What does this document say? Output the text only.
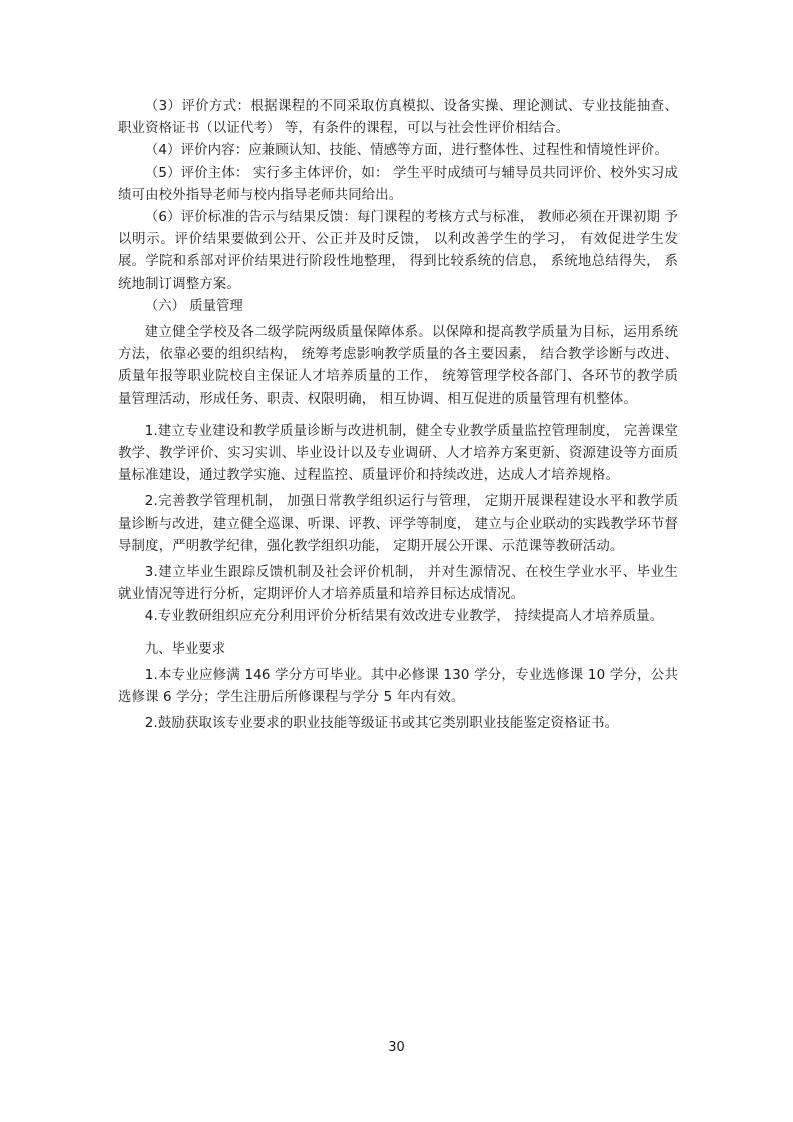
（3）评价方式：根据课程的不同采取仿真模拟、设备实操、理论测试、专业技能抽查、职业资格证书（以证代考） 等，有条件的课程，可以与社会性评价相结合。

（4）评价内容：应兼顾认知、技能、情感等方面，进行整体性、过程性和情境性评价。

（5）评价主体： 实行多主体评价，如： 学生平时成绩可与辅导员共同评价、校外实习成 绩可由校外指导老师与校内指导老师共同给出。

（6）评价标准的告示与结果反馈：每门课程的考核方式与标准， 教师必须在开课初期 予以明示。评价结果要做到公开、公正并及时反馈， 以利改善学生的学习， 有效促进学生发 展。学院和系部对评价结果进行阶段性地整理， 得到比较系统的信息， 系统地总结得失， 系 统地制订调整方案。

（六） 质量管理

建立健全学校及各二级学院两级质量保障体系。以保障和提高教学质量为目标，运用系统方法，依靠必要的组织结构， 统筹考虑影响教学质量的各主要因素， 结合教学诊断与改进、 质量年报等职业院校自主保证人才培养质量的工作， 统筹管理学校各部门、各环节的教学质 量管理活动，形成任务、职责、权限明确， 相互协调、相互促进的质量管理有机整体。

1.建立专业建设和教学质量诊断与改进机制，健全专业教学质量监控管理制度， 完善课堂教学、教学评价、实习实训、毕业设计以及专业调研、人才培养方案更新、资源建设等方面质量标准建设，通过教学实施、过程监控、质量评价和持续改进，达成人才培养规格。

2.完善教学管理机制， 加强日常教学组织运行与管理， 定期开展课程建设水平和教学质量诊断与改进，建立健全巡课、听课、评教、评学等制度， 建立与企业联动的实践教学环节督导制度，严明教学纪律，强化教学组织功能， 定期开展公开课、示范课等教研活动。

3.建立毕业生跟踪反馈机制及社会评价机制， 并对生源情况、在校生学业水平、毕业生 就业情况等进行分析，定期评价人才培养质量和培养目标达成情况。

4.专业教研组织应充分利用评价分析结果有效改进专业教学， 持续提高人才培养质量。

九、毕业要求

1.本专业应修满 146 学分方可毕业。其中必修课 130 学分，专业选修课 10 学分，公共 选修课 6 学分；学生注册后所修课程与学分 5 年内有效。

2.鼓励获取该专业要求的职业技能等级证书或其它类别职业技能鉴定资格证书。

30
